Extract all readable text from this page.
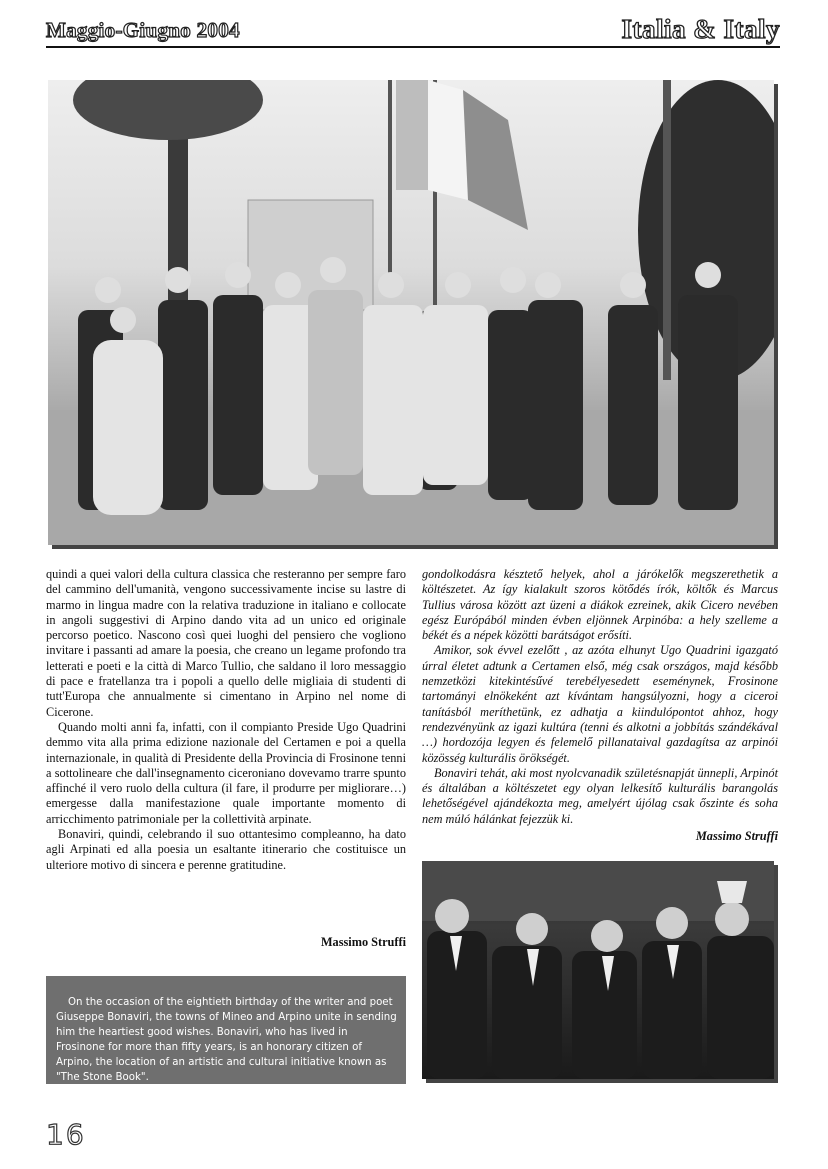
Maggio-Giugno 2004	Italia & Italy

quindi a quei valori della cultura classica che resteranno per sempre faro del cammino dell'umanità, vengono successivamente incise su lastre di marmo in lingua madre con la relativa traduzione in italiano e collocate in angoli suggestivi di Arpino dando vita ad un unico ed originale percorso poetico. Nascono così quei luoghi del pensiero che vogliono invitare i passanti ad amare la poesia, che creano un legame profondo tra letterati e poeti e la città di Marco Tullio, che saldano il loro messaggio di pace e fratellanza tra i popoli a quello delle migliaia di studenti di tutt'Europa che annualmente si cimentano in Arpino nel nome di Cicerone.

Quando molti anni fa, infatti, con il compianto Preside Ugo Quadrini demmo vita alla prima edizione nazionale del Certamen e poi a quella internazionale, in qualità di Presidente della Provincia di Frosinone tenni a sottolineare che dall'insegnamento ciceroniano dovevamo trarre spunto affinché il vero ruolo della cultura (il fare, il produrre per migliorare…) emergesse dalla manifestazione quale importante momento di arricchimento patrimoniale per la collettività arpinate.

Bonaviri, quindi, celebrando il suo ottantesimo compleanno, ha dato agli Arpinati ed alla poesia un esaltante itinerario che costituisce un ulteriore motivo di sincera e perenne gratitudine.

Massimo Struffi

gondolkodásra késztető helyek, ahol a járókelők megszerethetik a költészetet. Az így kialakult szoros kötődés írók, költők és Marcus Tullius városa között azt üzeni a diákok ezreinek, akik Cicero nevében egész Európából minden évben eljönnek Arpinóba: a hely szelleme a békét és a népek közötti barátságot erősíti.

Amikor, sok évvel ezelőtt , az azóta elhunyt Ugo Quadrini igazgató úrral életet adtunk a Certamen első, még csak országos, majd később nemzetközi kitekintésűvé terebélyesedett eseménynek, Frosinone tartományi elnökeként azt kívántam hangsúlyozni, hogy a ciceroi tanításból meríthetünk, ez adhatja a kiindulópontot ahhoz, hogy rendezvényünk az igazi kultúra (tenni és alkotni a jobbítás szándékával …) hordozója legyen és felemelő pillanataival gazdagítsa az arpinói közösség kulturális örökségét.

Bonaviri tehát, aki most nyolcvanadik születésnapját ünnepli, Arpinót és általában a költészetet egy olyan lelkesítő kulturális barangolás lehetőségével ajándékozta meg, amelyért újólag csak őszinte és soha nem múló hálánkat fejezzük ki.

Massimo Struffi
On the occasion of the eightieth birthday of the writer and poet Giuseppe Bonaviri, the towns of Mineo and Arpino unite in sending him the heartiest good wishes. Bonaviri, who has lived in Frosinone for more than fifty years, is an honorary citizen of Arpino, the location of an artistic and cultural initiative known as "The Stone Book".
16
